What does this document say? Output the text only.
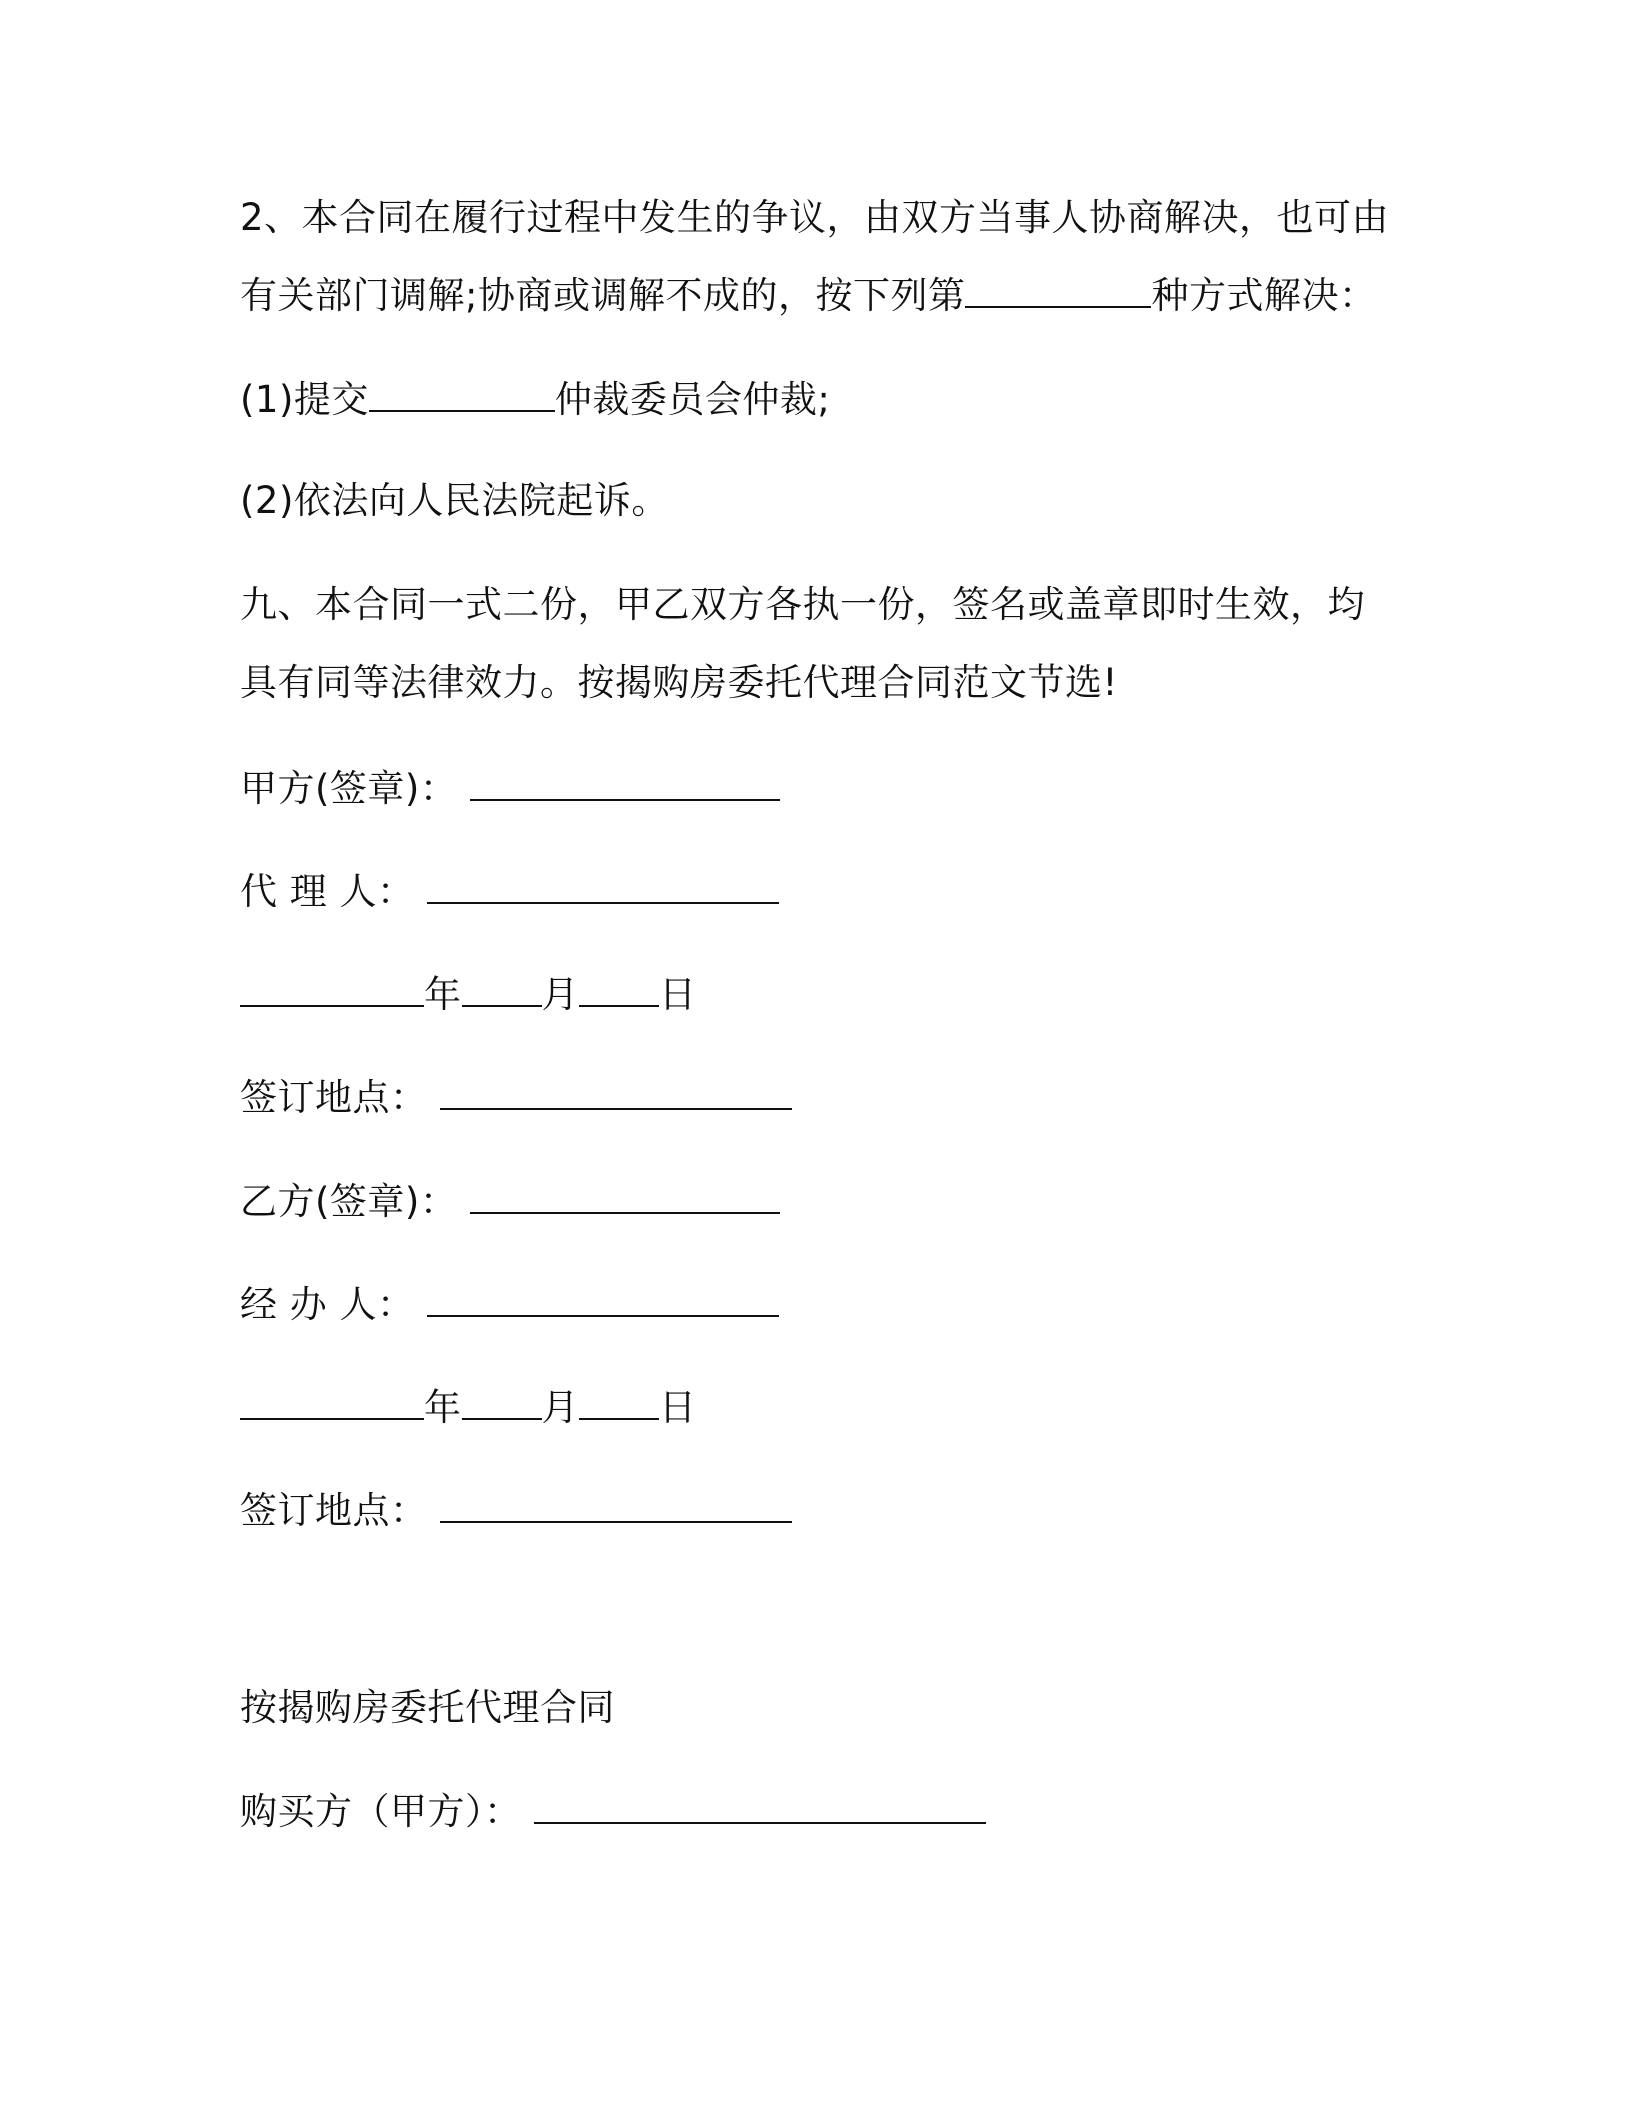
2、本合同在履行过程中发生的争议，由双方当事人协商解决，也可由
有关部门调解;协商或调解不成的，按下列第	种方式解决：
(1)提交	仲裁委员会仲裁;
(2)依法向人民法院起诉。
九、本合同一式二份，甲乙双方各执一份，签名或盖章即时生效，均
具有同等法律效力。按揭购房委托代理合同范文节选!
甲方(签章)：
代 理 人：
年 月 日
签订地点：
乙方(签章)：
经 办 人：
年 月 日
签订地点：
按揭购房委托代理合同
购买方（甲方）：
